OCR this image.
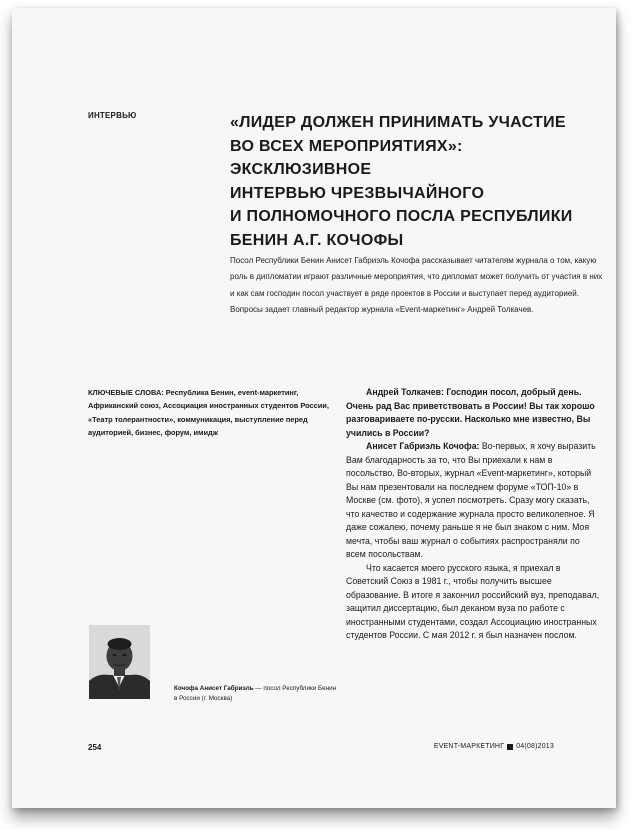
ИНТЕРВЬЮ	«ЛИДЕР ДОЛЖЕН ПРИНИМАТЬ УЧАСТИЕ
ВО ВСЕХ МЕРОПРИЯТИЯХ»: ЭКСКЛЮЗИВНОЕ
ИНТЕРВЬЮ ЧРЕЗВЫЧАЙНОГО
И ПОЛНОМОЧНОГО ПОСЛА РЕСПУБЛИКИ
БЕНИН А.Г. КОЧОФЫ

Посол Республики Бенин Анисет Габриэль Кочофа рассказывает читателям журнала о том, какую роль в дипломатии играют различные мероприятия, что дипломат может получить от участия в них и как сам господин посол участвует в ряде проектов в России и выступает перед аудиторией. Вопросы задает главный редактор журнала «Event-маркетинг» Андрей Толкачев.

КЛЮЧЕВЫЕ СЛОВА: Республика Бенин, event-маркетинг, Африканский союз, Ассоциация иностранных студентов России, «Театр толерантности», коммуникация, выступление перед аудиторией, бизнес, форум, имидж

Андрей Толкачев: Господин посол, добрый день. Очень рад Вас приветствовать в России! Вы так хорошо разговариваете по-русски. Насколько мне известно, Вы учились в России?

Анисет Габриэль Кочофа: Во-первых, я хочу выразить Вам благодарность за то, что Вы приехали к нам в посольство. Во-вторых, журнал «Event-маркетинг», который Вы нам презентовали на последнем форуме «ТОП-10» в Москве (см. фото), я успел посмотреть. Сразу могу сказать, что качество и содержание журнала просто великолепное. Я даже сожалею, почему раньше я не был знаком с ним. Моя мечта, чтобы ваш журнал о событиях распространяли по всем посольствам.

Что касается моего русского языка, я приехал в Советский Союз в 1981 г., чтобы получить высшее образование. В итоге я закончил российский вуз, преподавал, защитил диссертацию, был деканом вуза по работе с иностранными студентами, создал Ассоциацию иностранных студентов России. С мая 2012 г. я был назначен послом.

Кочофа Анисет Габриэль — посол Республики Бенин в России (г. Москва)

254	EVENT-МАРКЕТИНГ 04(08)2013
